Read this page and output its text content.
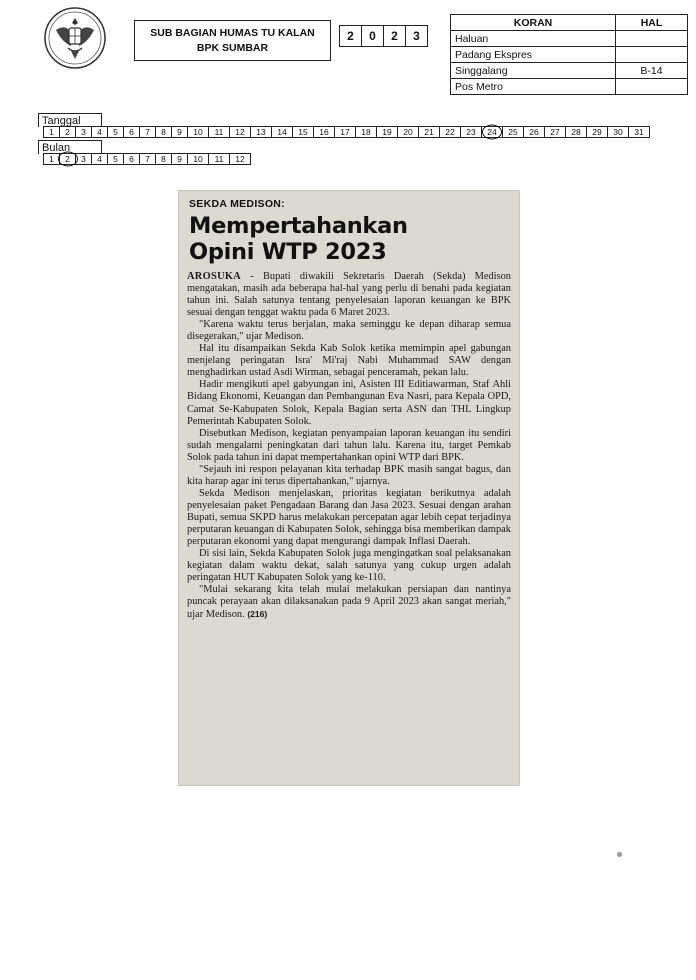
SUB BAGIAN HUMAS TU KALAN
BPK SUMBAR
2	0	2	3
KORAN	HAL
Haluan	
Padang Ekspres	
Singgalang	B-14
Pos Metro	
Tanggal
1	2	3	4	5	6	7	8	9	10	11	12	13	14	15	16	17	18	19	20	21	22	23	24	25	26	27	28	29	30	31
Bulan
1	2	3	4	5	6	7	8	9	10	11	12
SEKDA MEDISON:
Mempertahankan
Opini WTP 2023

AROSUKA - Bupati diwakili Sekretaris Daerah (Sekda) Medison mengatakan, masih ada beberapa hal-hal yang perlu di benahi pada kegiatan tahun ini. Salah satunya tentang penyelesaian laporan keuangan ke BPK sesuai dengan tenggat waktu pada 6 Maret 2023.

"Karena waktu terus berjalan, maka seminggu ke depan diharap semua disegerakan," ujar Medison.

Hal itu disampaikan Sekda Kab Solok ketika memimpin apel gabungan menjelang peringatan Isra' Mi'raj Nabi Muhammad SAW dengan menghadirkan ustad Asdi Wirman, sebagai penceramah, pekan lalu.

Hadir mengikuti apel gabyungan ini, Asisten III Editiawarman, Staf Ahli Bidang Ekonomi, Keuangan dan Pembangunan Eva Nasri, para Kepala OPD, Camat Se-Kabupaten Solok, Kepala Bagian serta ASN dan THL Lingkup Pemerintah Kabupaten Solok.

Disebutkan Medison, kegiatan penyampaian laporan keuangan itu sendiri sudah mengalami peningkatan dari tahun lalu. Karena itu, target Pemkab Solok pada tahun ini dapat mempertahankan opini WTP dari BPK.

"Sejauh ini respon pelayanan kita terhadap BPK masih sangat bagus, dan kita harap agar ini terus dipertahankan," ujarnya.

Sekda Medison menjelaskan, prioritas kegiatan berikutnya adalah penyelesaian paket Pengadaan Barang dan Jasa 2023. Sesuai dengan arahan Bupati, semua SKPD harus melakukan percepatan agar lebih cepat terjadinya perputaran keuangan di Kabupaten Solok, sehingga bisa memberikan dampak perputaran ekonomi yang dapat mengurangi dampak Inflasi Daerah.

Di sisi lain, Sekda Kabupaten Solok juga mengingatkan soal pelaksanakan kegiatan dalam waktu dekat, salah satunya yang cukup urgen adalah peringatan HUT Kabupaten Solok yang ke-110.

"Mulai sekarang kita telah mulai melakukan persiapan dan nantinya puncak perayaan akan dilaksanakan pada 9 April 2023 akan sangat meriah," ujar Medison. (216)
